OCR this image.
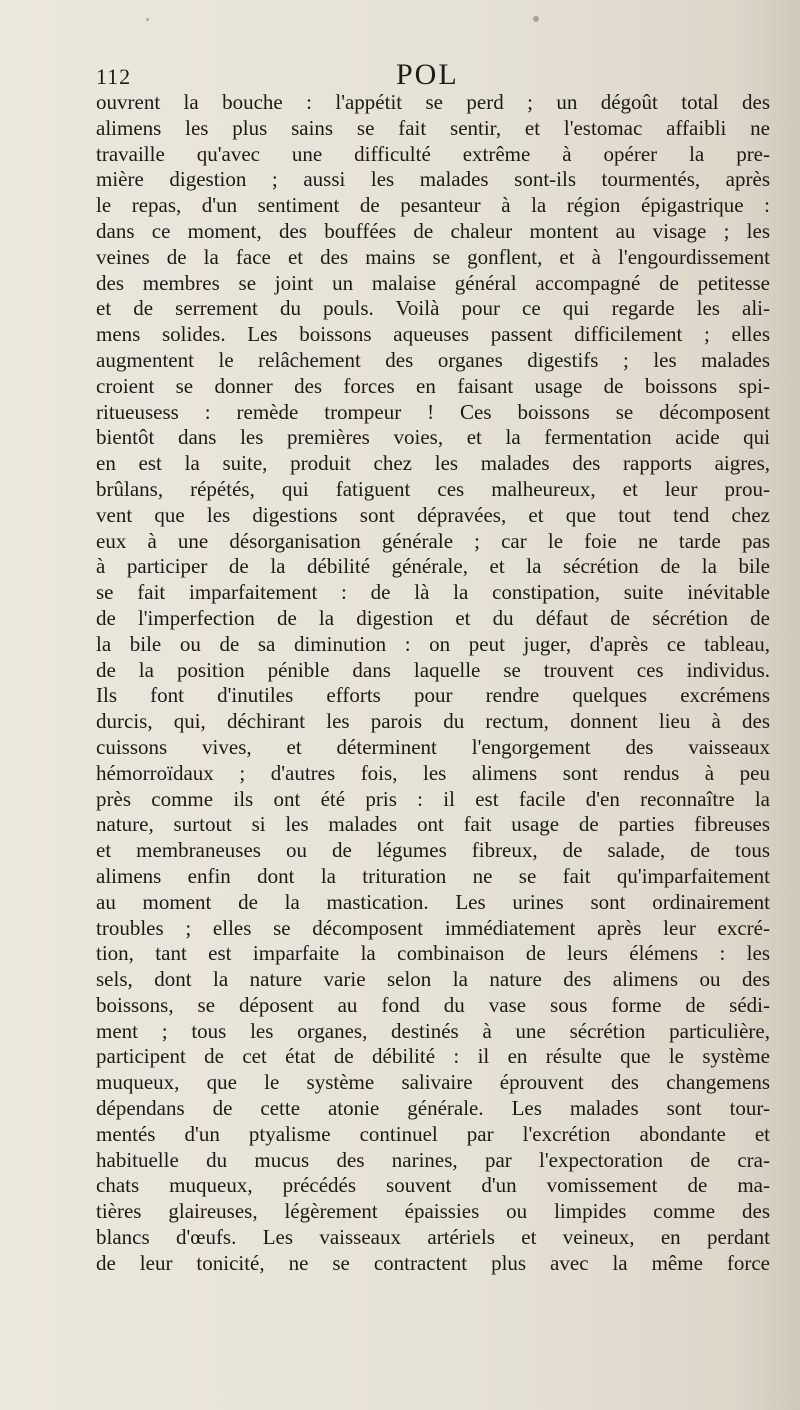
112	POL
ouvrent la bouche : l'appétit se perd ; un dégoût total des
alimens les plus sains se fait sentir, et l'estomac affaibli ne
travaille qu'avec une difficulté extrême à opérer la pre-
mière digestion ; aussi les malades sont-ils tourmentés, après
le repas, d'un sentiment de pesanteur à la région épigastrique :
dans ce moment, des bouffées de chaleur montent au visage ; les
veines de la face et des mains se gonflent, et à l'engourdissement
des membres se joint un malaise général accompagné de petitesse
et de serrement du pouls. Voilà pour ce qui regarde les ali-
mens solides. Les boissons aqueuses passent difficilement ; elles
augmentent le relâchement des organes digestifs ; les malades
croient se donner des forces en faisant usage de boissons spi-
ritueusess : remède trompeur ! Ces boissons se décomposent
bientôt dans les premières voies, et la fermentation acide qui
en est la suite, produit chez les malades des rapports aigres,
brûlans, répétés, qui fatiguent ces malheureux, et leur prou-
vent que les digestions sont dépravées, et que tout tend chez
eux à une désorganisation générale ; car le foie ne tarde pas
à participer de la débilité générale, et la sécrétion de la bile
se fait imparfaitement : de là la constipation, suite inévitable
de l'imperfection de la digestion et du défaut de sécrétion de
la bile ou de sa diminution : on peut juger, d'après ce tableau,
de la position pénible dans laquelle se trouvent ces individus.
Ils font d'inutiles efforts pour rendre quelques excrémens
durcis, qui, déchirant les parois du rectum, donnent lieu à des
cuissons vives, et déterminent l'engorgement des vaisseaux
hémorroïdaux ; d'autres fois, les alimens sont rendus à peu
près comme ils ont été pris : il est facile d'en reconnaître la
nature, surtout si les malades ont fait usage de parties fibreuses
et membraneuses ou de légumes fibreux, de salade, de tous
alimens enfin dont la trituration ne se fait qu'imparfaitement
au moment de la mastication. Les urines sont ordinairement
troubles ; elles se décomposent immédiatement après leur excré-
tion, tant est imparfaite la combinaison de leurs élémens : les
sels, dont la nature varie selon la nature des alimens ou des
boissons, se déposent au fond du vase sous forme de sédi-
ment ; tous les organes, destinés à une sécrétion particulière,
participent de cet état de débilité : il en résulte que le système
muqueux, que le système salivaire éprouvent des changemens
dépendans de cette atonie générale. Les malades sont tour-
mentés d'un ptyalisme continuel par l'excrétion abondante et
habituelle du mucus des narines, par l'expectoration de cra-
chats muqueux, précédés souvent d'un vomissement de ma-
tières glaireuses, légèrement épaissies ou limpides comme des
blancs d'œufs. Les vaisseaux artériels et veineux, en perdant
de leur tonicité, ne se contractent plus avec la même force
